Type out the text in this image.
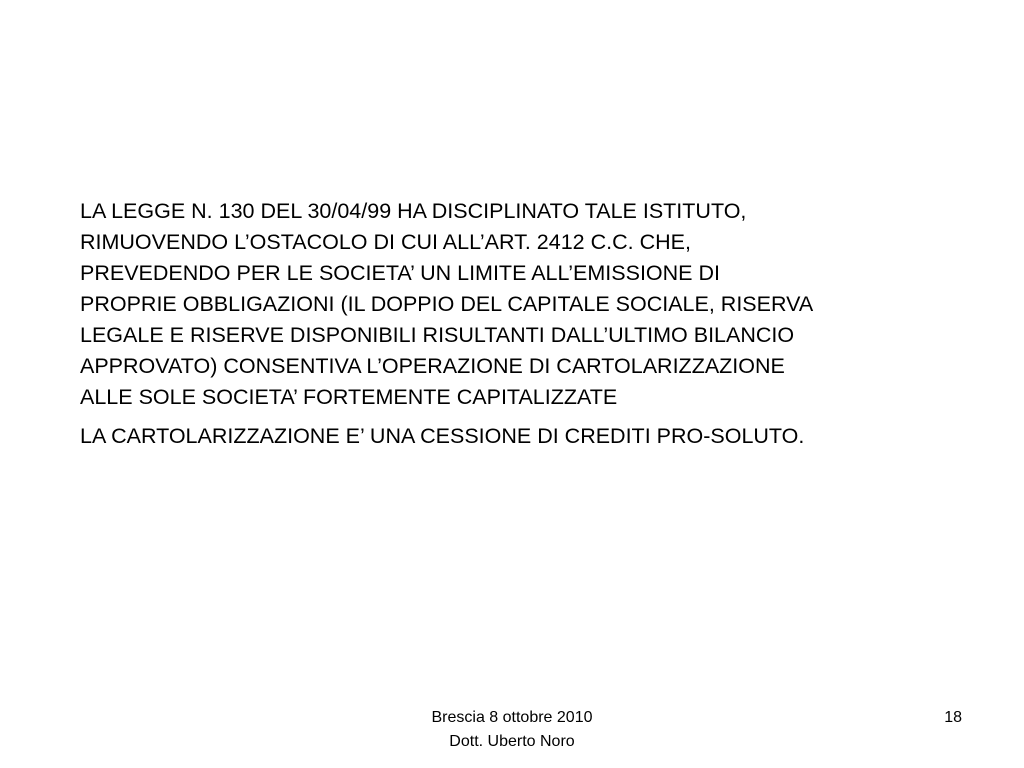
LA LEGGE N. 130 DEL 30/04/99 HA DISCIPLINATO TALE ISTITUTO,
RIMUOVENDO L’OSTACOLO DI CUI ALL’ART. 2412 C.C. CHE,
PREVEDENDO PER LE SOCIETA’ UN LIMITE ALL’EMISSIONE DI
PROPRIE OBBLIGAZIONI (IL DOPPIO DEL CAPITALE SOCIALE, RISERVA
LEGALE E RISERVE DISPONIBILI RISULTANTI DALL’ULTIMO BILANCIO
APPROVATO) CONSENTIVA L’OPERAZIONE DI CARTOLARIZZAZIONE
ALLE SOLE SOCIETA’ FORTEMENTE CAPITALIZZATE

LA CARTOLARIZZAZIONE E’ UNA CESSIONE DI CREDITI PRO-SOLUTO.

Brescia 8 ottobre 2010
Dott. Uberto Noro
18
